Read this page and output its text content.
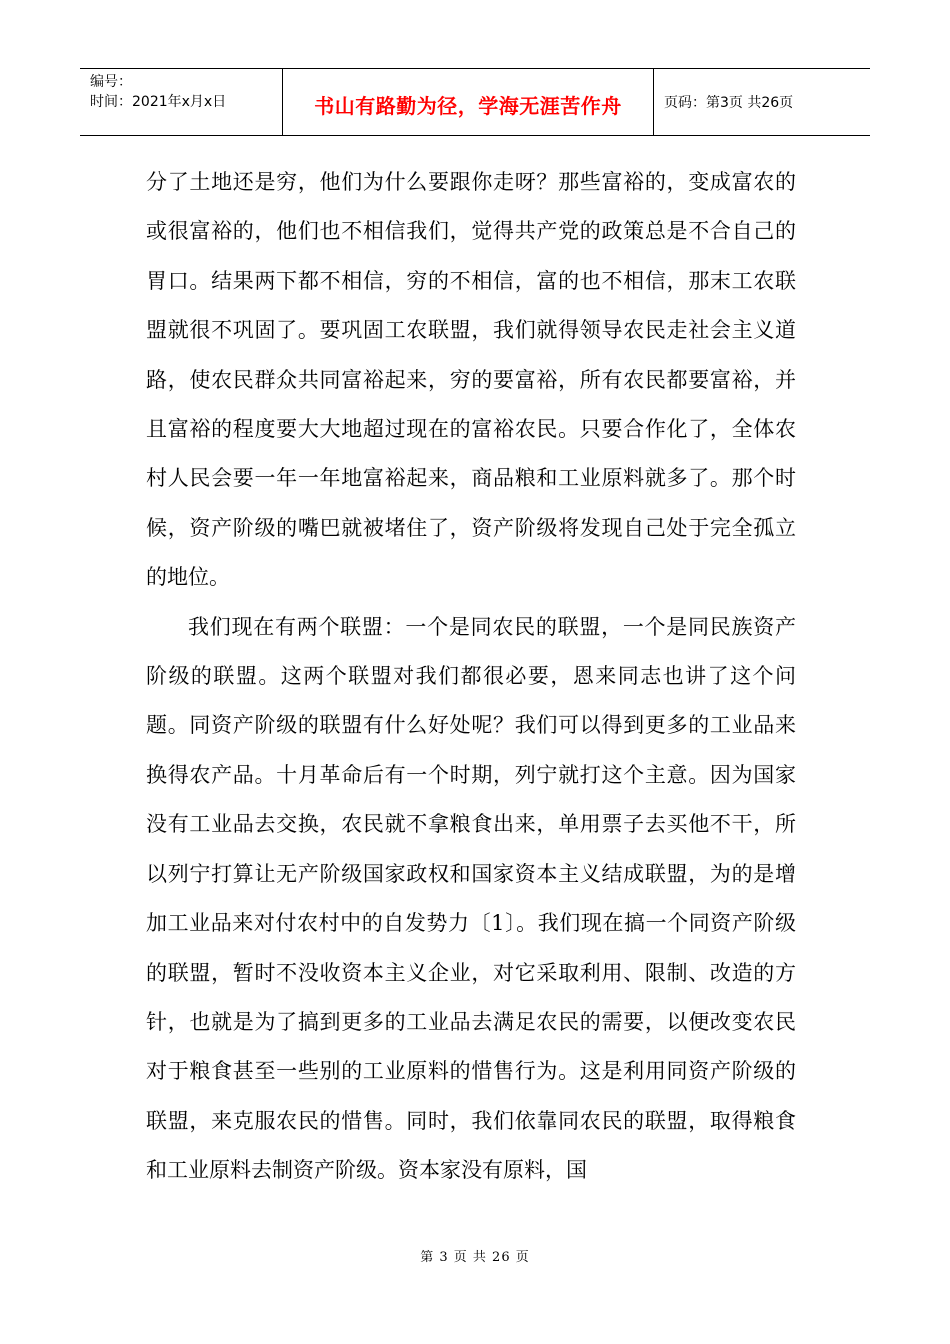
编号：
时间：2021年x月x日	书山有路勤为径，学海无涯苦作舟	页码：第3页 共26页

分了土地还是穷，他们为什么要跟你走呀？那些富裕的，变成富农的或很富裕的，他们也不相信我们，觉得共产党的政策总是不合自己的胃口。结果两下都不相信，穷的不相信，富的也不相信，那末工农联盟就很不巩固了。要巩固工农联盟，我们就得领导农民走社会主义道路，使农民群众共同富裕起来，穷的要富裕，所有农民都要富裕，并且富裕的程度要大大地超过现在的富裕农民。只要合作化了，全体农村人民会要一年一年地富裕起来，商品粮和工业原料就多了。那个时候，资产阶级的嘴巴就被堵住了，资产阶级将发现自己处于完全孤立的地位。

我们现在有两个联盟：一个是同农民的联盟，一个是同民族资产阶级的联盟。这两个联盟对我们都很必要，恩来同志也讲了这个问题。同资产阶级的联盟有什么好处呢？我们可以得到更多的工业品来换得农产品。十月革命后有一个时期，列宁就打这个主意。因为国家没有工业品去交换，农民就不拿粮食出来，单用票子去买他不干，所以列宁打算让无产阶级国家政权和国家资本主义结成联盟，为的是增加工业品来对付农村中的自发势力〔1〕。我们现在搞一个同资产阶级的联盟，暂时不没收资本主义企业，对它采取利用、限制、改造的方针，也就是为了搞到更多的工业品去满足农民的需要，以便改变农民对于粮食甚至一些别的工业原料的惜售行为。这是利用同资产阶级的联盟，来克服农民的惜售。同时，我们依靠同农民的联盟，取得粮食和工业原料去制资产阶级。资本家没有原料，国

第 3 页 共 26 页
